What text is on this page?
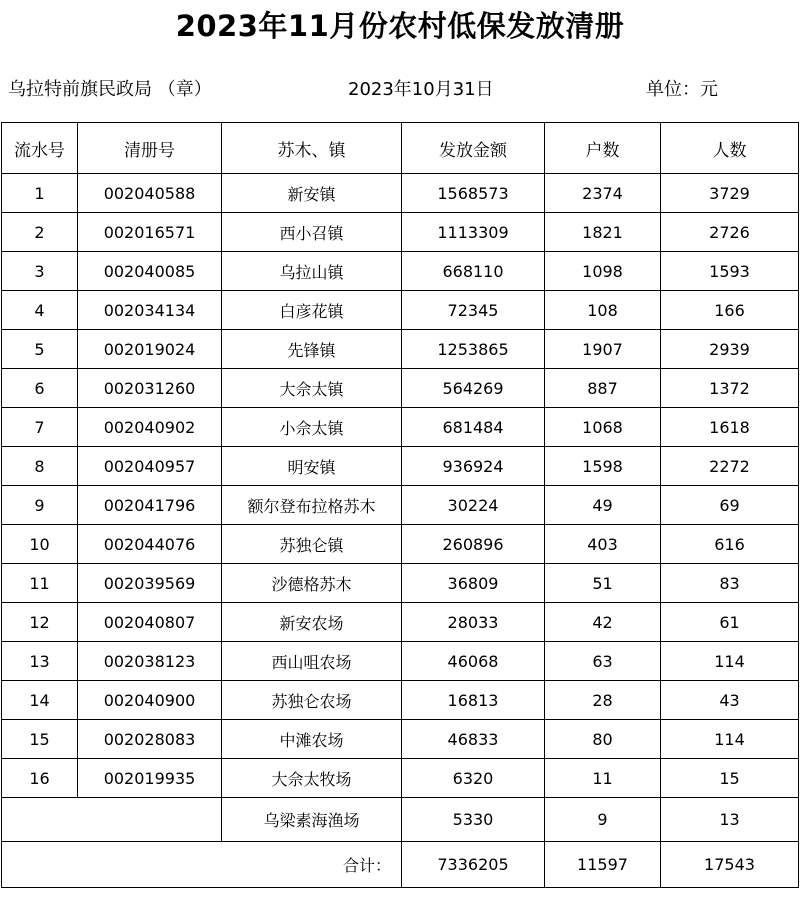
2023年11月份农村低保发放清册
乌拉特前旗民政局 （章）	2023年10月31日	单位：元
流水号	清册号	苏木、镇	发放金额	户数	人数
1	002040588	新安镇	1568573	2374	3729
2	002016571	西小召镇	1113309	1821	2726
3	002040085	乌拉山镇	668110	1098	1593
4	002034134	白彦花镇	72345	108	166
5	002019024	先锋镇	1253865	1907	2939
6	002031260	大佘太镇	564269	887	1372
7	002040902	小佘太镇	681484	1068	1618
8	002040957	明安镇	936924	1598	2272
9	002041796	额尔登布拉格苏木	30224	49	69
10	002044076	苏独仑镇	260896	403	616
11	002039569	沙德格苏木	36809	51	83
12	002040807	新安农场	28033	42	61
13	002038123	西山咀农场	46068	63	114
14	002040900	苏独仑农场	16813	28	43
15	002028083	中滩农场	46833	80	114
16	002019935	大佘太牧场	6320	11	15
		乌梁素海渔场	5330	9	13
合计：			7336205	11597	17543
